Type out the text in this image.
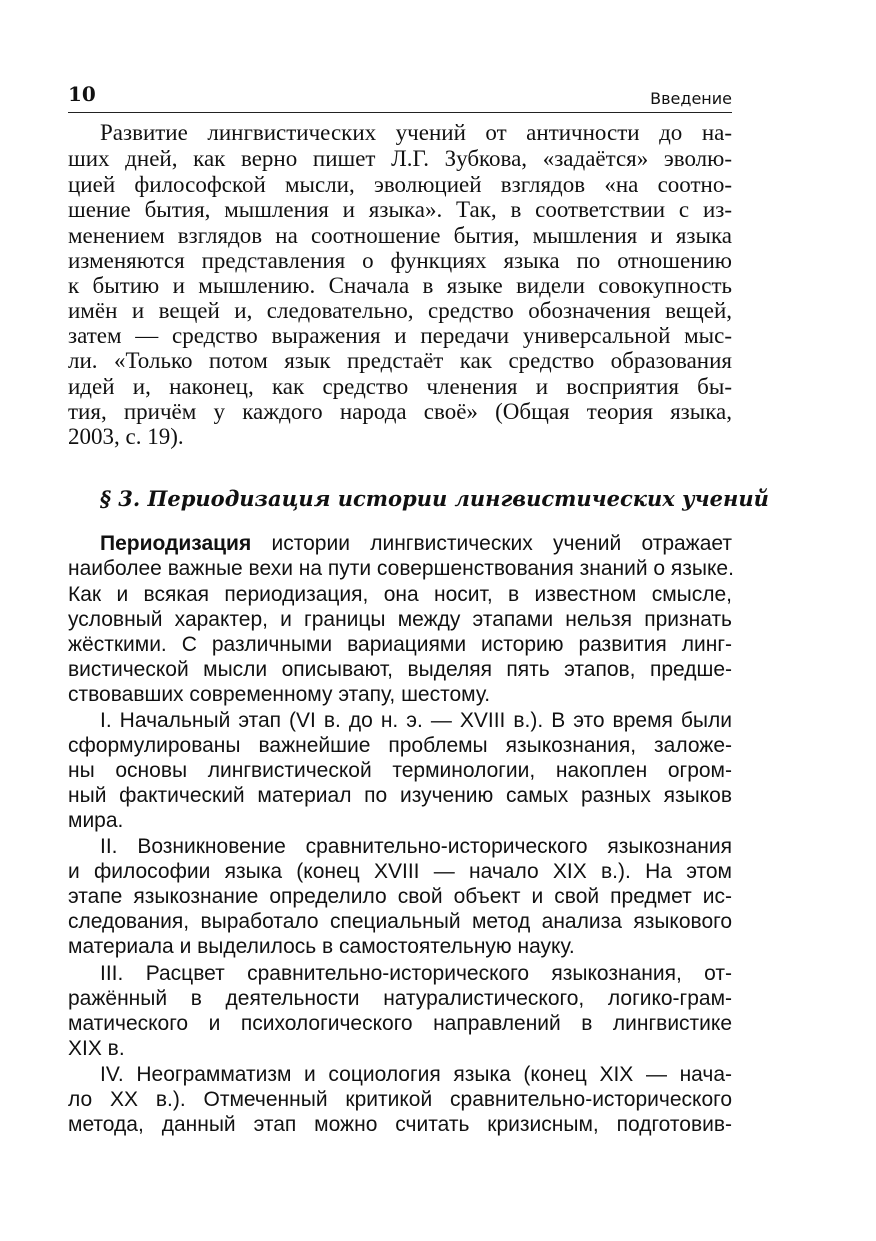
10	Введение
Развитие лингвистических учений от античности до на-
ших дней, как верно пишет Л.Г. Зубкова, «задаётся» эволю-
цией философской мысли, эволюцией взглядов «на соотно-
шение бытия, мышления и языка». Так, в соответствии с из-
менением взглядов на соотношение бытия, мышления и языка
изменяются представления о функциях языка по отношению
к бытию и мышлению. Сначала в языке видели совокупность
имён и вещей и, следовательно, средство обозначения вещей,
затем — средство выражения и передачи универсальной мыс-
ли. «Только потом язык предстаёт как средство образования
идей и, наконец, как средство членения и восприятия бы-
тия, причём у каждого народа своё» (Общая теория языка,
2003, с. 19).
§ 3. Периодизация истории лингвистических учений
Периодизация истории лингвистических учений отражает
наиболее важные вехи на пути совершенствования знаний о языке.
Как и всякая периодизация, она носит, в известном смысле,
условный характер, и границы между этапами нельзя признать
жёсткими. С различными вариациями историю развития линг-
вистической мысли описывают, выделяя пять этапов, предше-
ствовавших современному этапу, шестому.
I. Начальный этап (VI в. до н. э. — XVIII в.). В это время были
сформулированы важнейшие проблемы языкознания, заложе-
ны основы лингвистической терминологии, накоплен огром-
ный фактический материал по изучению самых разных языков
мира.
II. Возникновение сравнительно-исторического языкознания
и философии языка (конец XVIII — начало XIX в.). На этом
этапе языкознание определило свой объект и свой предмет ис-
следования, выработало специальный метод анализа языкового
материала и выделилось в самостоятельную науку.
III. Расцвет сравнительно-исторического языкознания, от-
ражённый в деятельности натуралистического, логико-грам-
матического и психологического направлений в лингвистике
XIX в.
IV. Неограмматизм и социология языка (конец XIX — нача-
ло XX в.). Отмеченный критикой сравнительно-исторического
метода, данный этап можно считать кризисным, подготовив-
